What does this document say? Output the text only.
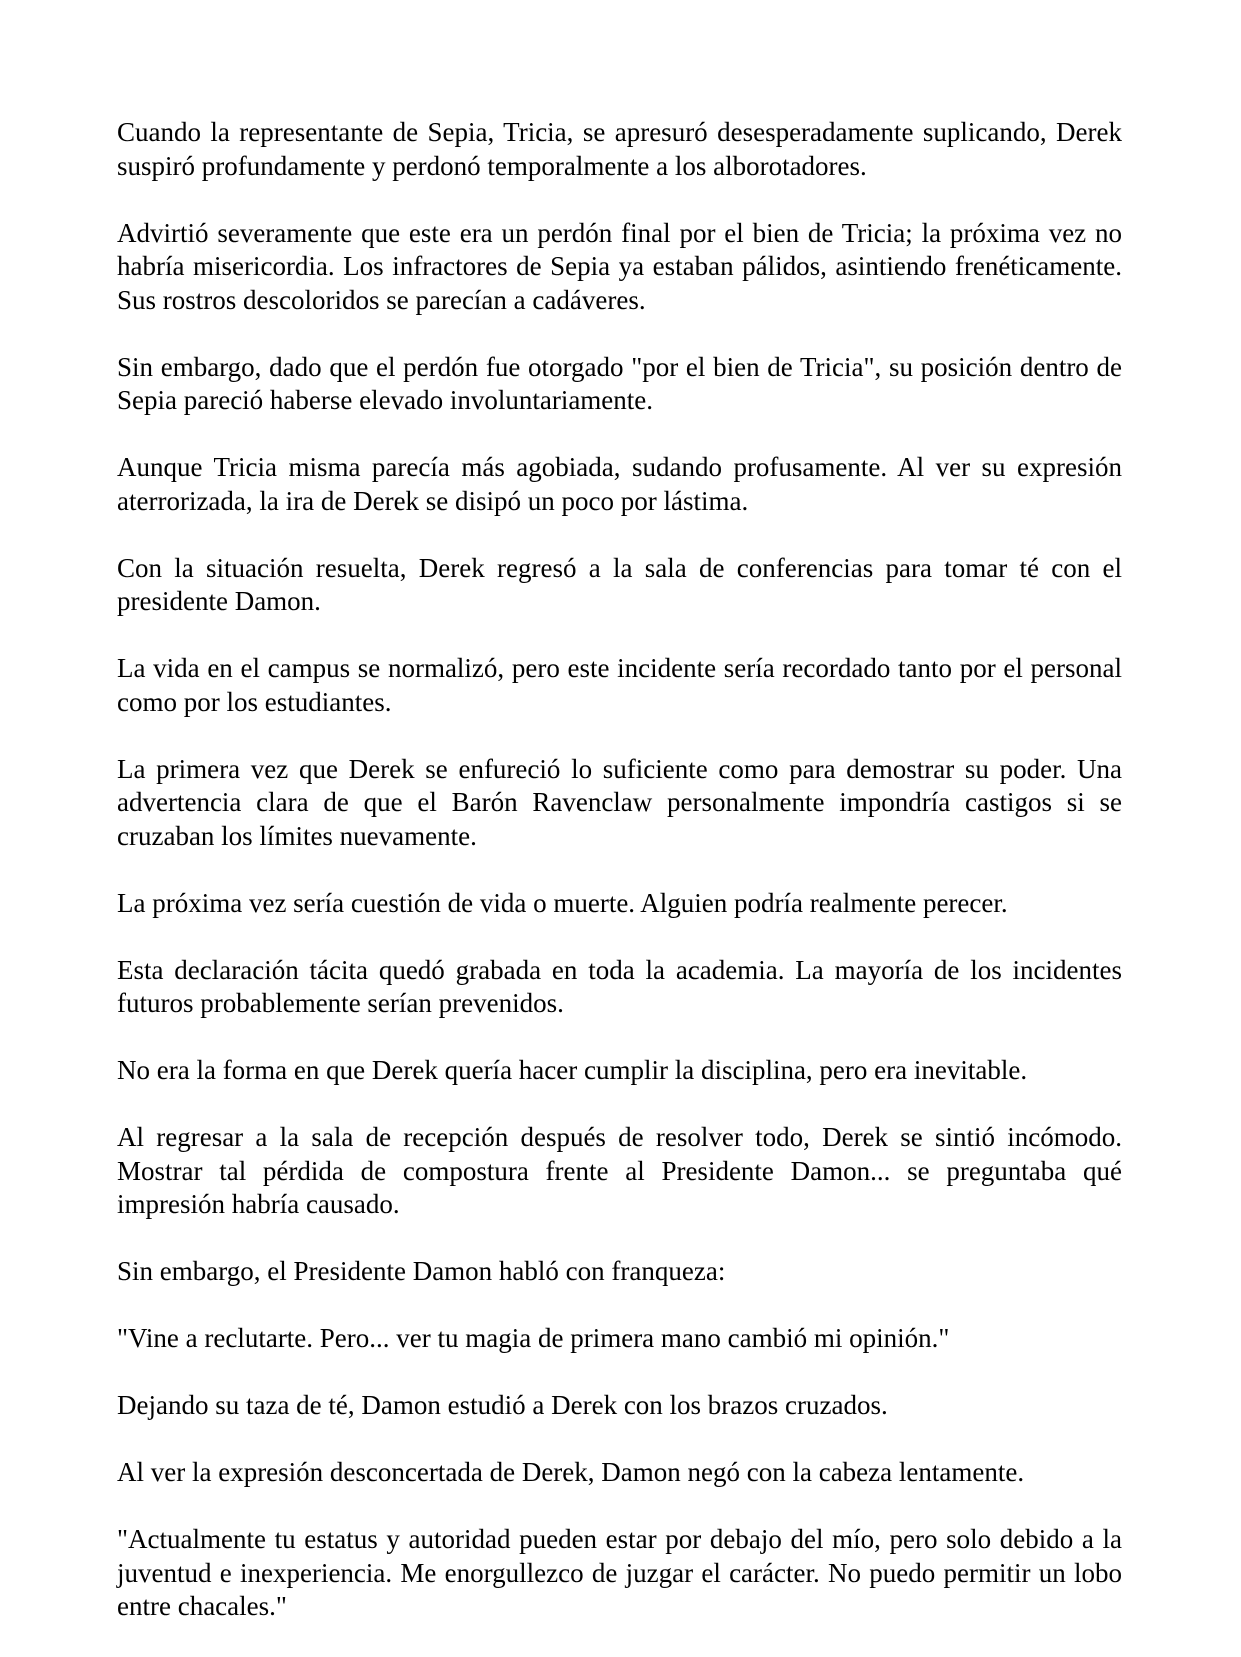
Cuando la representante de Sepia, Tricia, se apresuró desesperadamente suplicando, Derek suspiró profundamente y perdonó temporalmente a los alborotadores.

Advirtió severamente que este era un perdón final por el bien de Tricia; la próxima vez no habría misericordia. Los infractores de Sepia ya estaban pálidos, asintiendo frenéticamente. Sus rostros descoloridos se parecían a cadáveres.

Sin embargo, dado que el perdón fue otorgado "por el bien de Tricia", su posición dentro de Sepia pareció haberse elevado involuntariamente.

Aunque Tricia misma parecía más agobiada, sudando profusamente. Al ver su expresión aterrorizada, la ira de Derek se disipó un poco por lástima.

Con la situación resuelta, Derek regresó a la sala de conferencias para tomar té con el presidente Damon.

La vida en el campus se normalizó, pero este incidente sería recordado tanto por el personal como por los estudiantes.

La primera vez que Derek se enfureció lo suficiente como para demostrar su poder. Una advertencia clara de que el Barón Ravenclaw personalmente impondría castigos si se cruzaban los límites nuevamente.

La próxima vez sería cuestión de vida o muerte. Alguien podría realmente perecer.

Esta declaración tácita quedó grabada en toda la academia. La mayoría de los incidentes futuros probablemente serían prevenidos.

No era la forma en que Derek quería hacer cumplir la disciplina, pero era inevitable.

Al regresar a la sala de recepción después de resolver todo, Derek se sintió incómodo. Mostrar tal pérdida de compostura frente al Presidente Damon... se preguntaba qué impresión habría causado.

Sin embargo, el Presidente Damon habló con franqueza:

"Vine a reclutarte. Pero... ver tu magia de primera mano cambió mi opinión."

Dejando su taza de té, Damon estudió a Derek con los brazos cruzados.

Al ver la expresión desconcertada de Derek, Damon negó con la cabeza lentamente.

"Actualmente tu estatus y autoridad pueden estar por debajo del mío, pero solo debido a la juventud e inexperiencia. Me enorgullezco de juzgar el carácter. No puedo permitir un lobo entre chacales."
